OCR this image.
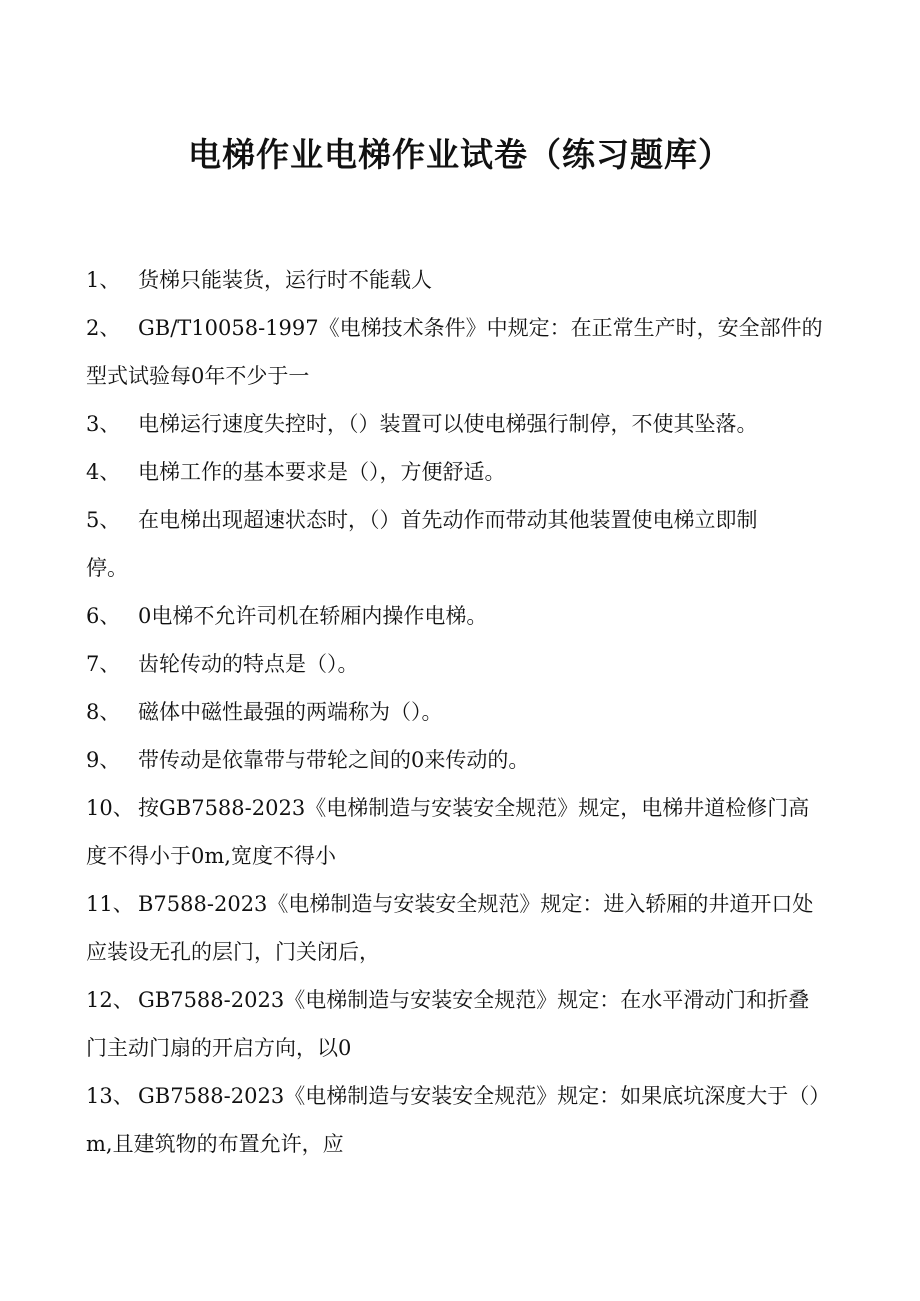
电梯作业电梯作业试卷（练习题库）
1、 货梯只能装货，运行时不能载人
2、 GB/T10058-1997《电梯技术条件》中规定：在正常生产时，安全部件的
型式试验每0年不少于一
3、 电梯运行速度失控时，（）装置可以使电梯强行制停，不使其坠落。
4、 电梯工作的基本要求是（），方便舒适。
5、 在电梯出现超速状态时，（）首先动作而带动其他装置使电梯立即制
停。
6、 0电梯不允许司机在轿厢内操作电梯。
7、 齿轮传动的特点是（）。
8、 磁体中磁性最强的两端称为（）。
9、 带传动是依靠带与带轮之间的0来传动的。
10、 按GB7588-2023《电梯制造与安装安全规范》规定，电梯井道检修门高
度不得小于0m,宽度不得小
11、 B7588-2023《电梯制造与安装安全规范》规定：进入轿厢的井道开口处
应装设无孔的层门，门关闭后，
12、 GB7588-2023《电梯制造与安装安全规范》规定：在水平滑动门和折叠
门主动门扇的开启方向，以0
13、 GB7588-2023《电梯制造与安装安全规范》规定：如果底坑深度大于（）
m,且建筑物的布置允许，应
